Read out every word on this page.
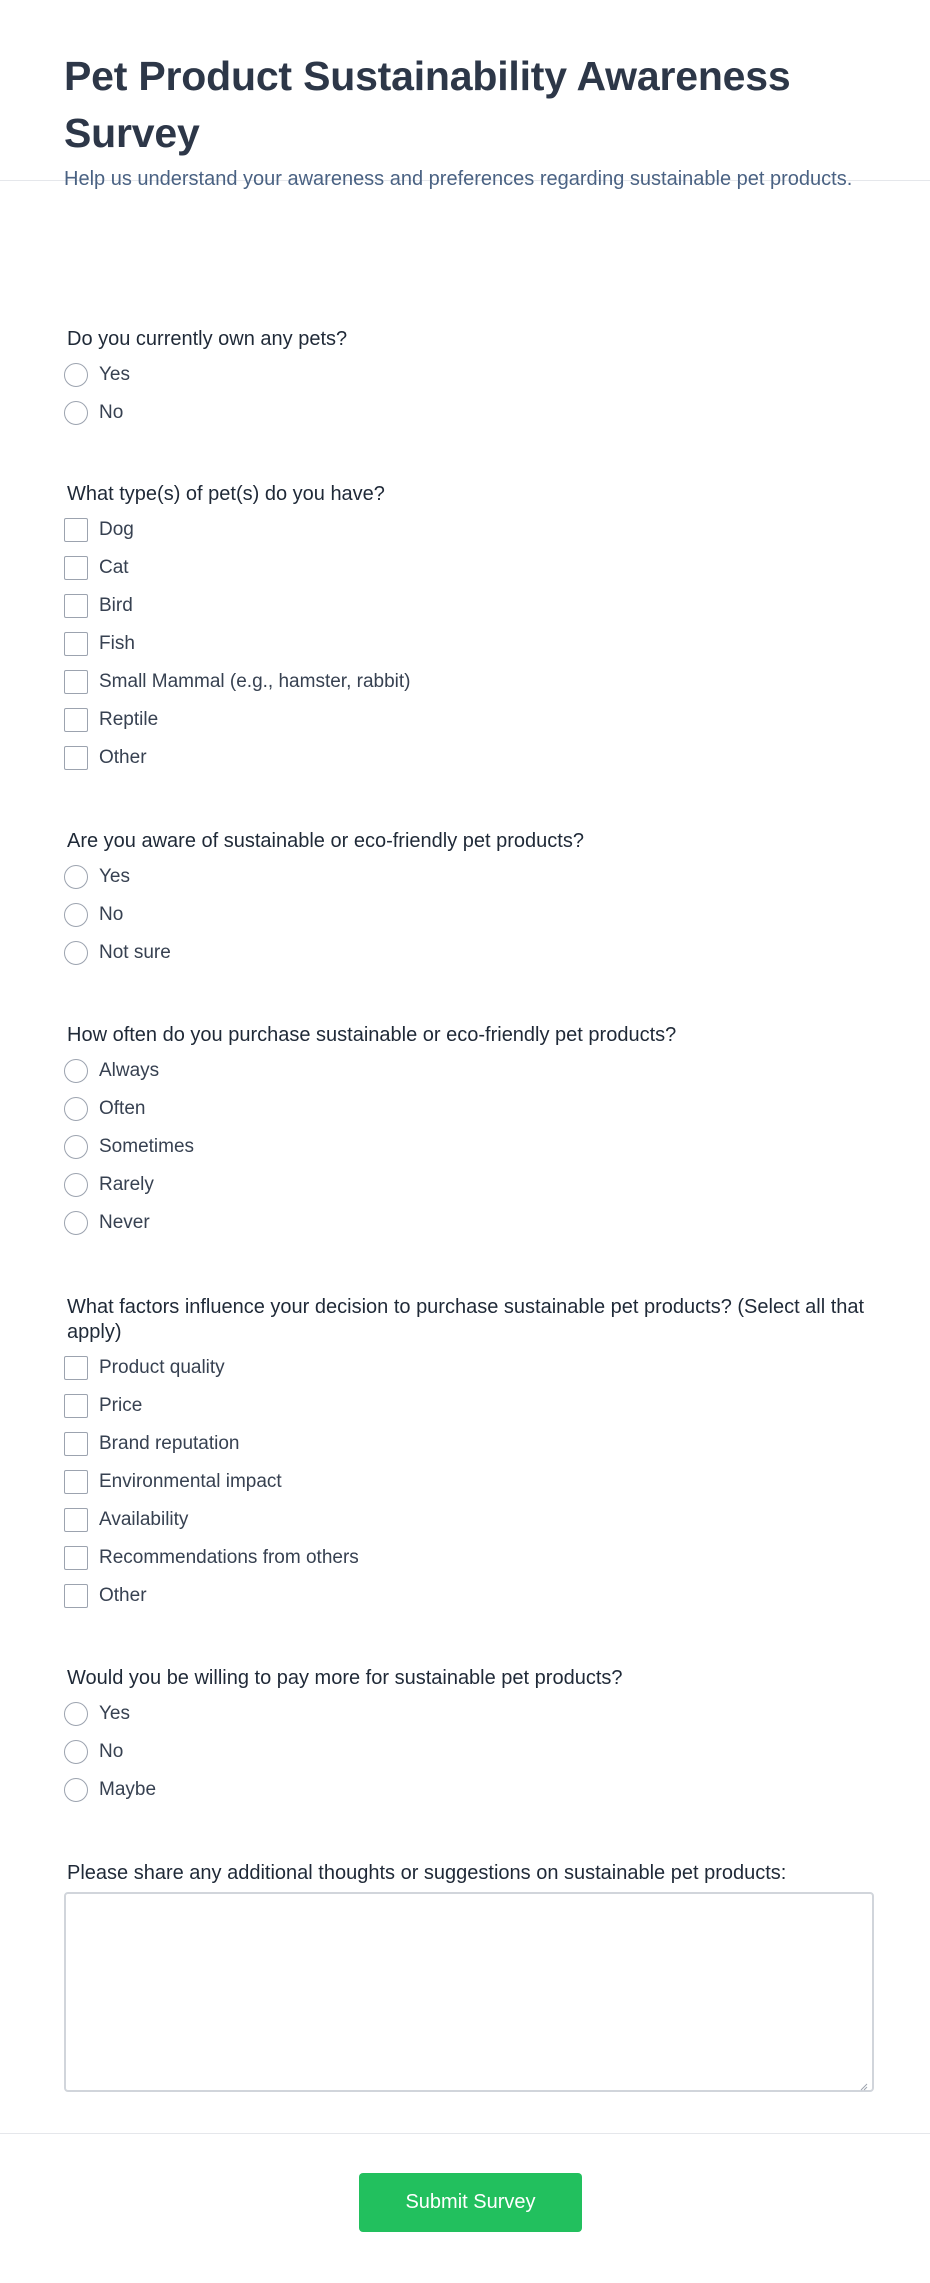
Pet Product Sustainability Awareness Survey

Help us understand your awareness and preferences regarding sustainable pet products.

Do you currently own any pets?
Yes
No
What type(s) of pet(s) do you have?
Dog
Cat
Bird
Fish
Small Mammal (e.g., hamster, rabbit)
Reptile
Other
Are you aware of sustainable or eco-friendly pet products?
Yes
No
Not sure
How often do you purchase sustainable or eco-friendly pet products?
Always
Often
Sometimes
Rarely
Never
What factors influence your decision to purchase sustainable pet products? (Select all that apply)
Product quality
Price
Brand reputation
Environmental impact
Availability
Recommendations from others
Other
Would you be willing to pay more for sustainable pet products?
Yes
No
Maybe
Please share any additional thoughts or suggestions on sustainable pet products:
Submit Survey
